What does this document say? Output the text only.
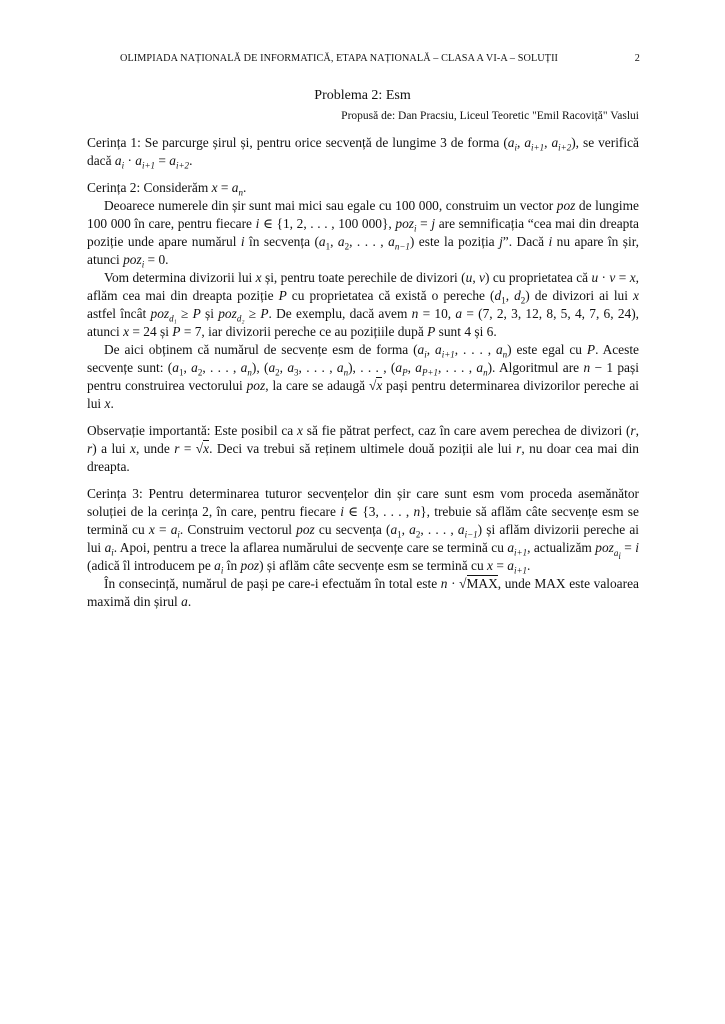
OLIMPIADA NAȚIONALĂ DE INFORMATICĂ, ETAPA NAȚIONALĂ – CLASA A VI-A – SOLUȚII	2
Problema 2: Esm
Propusă de: Dan Pracsiu, Liceul Teoretic "Emil Racoviță" Vaslui

Cerința 1: Se parcurge șirul și, pentru orice secvență de lungime 3 de forma ($a_i$, $a_{i+1}$, $a_{i+2}$), se verifică dacă $a_i \cdot a_{i+1} = a_{i+2}$.

Cerința 2: Considerăm $x = a_n$.

Deoarece numerele din șir sunt mai mici sau egale cu 100 000, construim un vector poz de lungime 100 000 în care, pentru fiecare i ∈ {1, 2, . . . , 100 000}, poz$_i$ = j are semnificația “cea mai din dreapta poziție unde apare numărul i în secvența ($a_1$, $a_2$, . . . , $a_{n-1}$) este la poziția j”. Dacă i nu apare în șir, atunci poz$_i$ = 0.

Vom determina divizorii lui x și, pentru toate perechile de divizori (u, v) cu proprietatea că u · v = x, aflăm cea mai din dreapta poziție P cu proprietatea că există o pereche ($d_1$, $d_2$) de divizori ai lui x astfel încât poz$_{d_1}$ ≥ P și poz$_{d_2}$ ≥ P. De exemplu, dacă avem n = 10, a = (7, 2, 3, 12, 8, 5, 4, 7, 6, 24), atunci x = 24 și P = 7, iar divizorii pereche ce au pozițiile după P sunt 4 și 6.

De aici obținem că numărul de secvențe esm de forma ($a_i$, $a_{i+1}$, . . . , $a_n$) este egal cu P. Aceste secvențe sunt: ($a_1$, $a_2$, . . . , $a_n$), ($a_2$, $a_3$, . . . , $a_n$), . . . , ($a_P$, $a_{P+1}$, . . . , $a_n$). Algoritmul are n − 1 pași pentru construirea vectorului poz, la care se adaugă √x pași pentru determinarea divizorilor pereche ai lui x.

Observație importantă: Este posibil ca x să fie pătrat perfect, caz în care avem perechea de divizori (r, r) a lui x, unde r = √x. Deci va trebui să reținem ultimele două poziții ale lui r, nu doar cea mai din dreapta.

Cerința 3: Pentru determinarea tuturor secvențelor din șir care sunt esm vom proceda asemănător soluției de la cerința 2, în care, pentru fiecare i ∈ {3, . . . , n}, trebuie să aflăm câte secvențe esm se termină cu $x = a_i$. Construim vectorul poz cu secvența ($a_1$, $a_2$, . . . , $a_{i-1}$) și aflăm divizorii pereche ai lui $a_i$. Apoi, pentru a trece la aflarea numărului de secvențe care se termină cu $a_{i+1}$, actualizăm poz$_{a_i}$ = i (adică îl introducem pe $a_i$ în poz) și aflăm câte secvențe esm se termină cu $x = a_{i+1}$.

În consecință, numărul de pași pe care-i efectuăm în total este n · √MAX, unde MAX este valoarea maximă din șirul a.
